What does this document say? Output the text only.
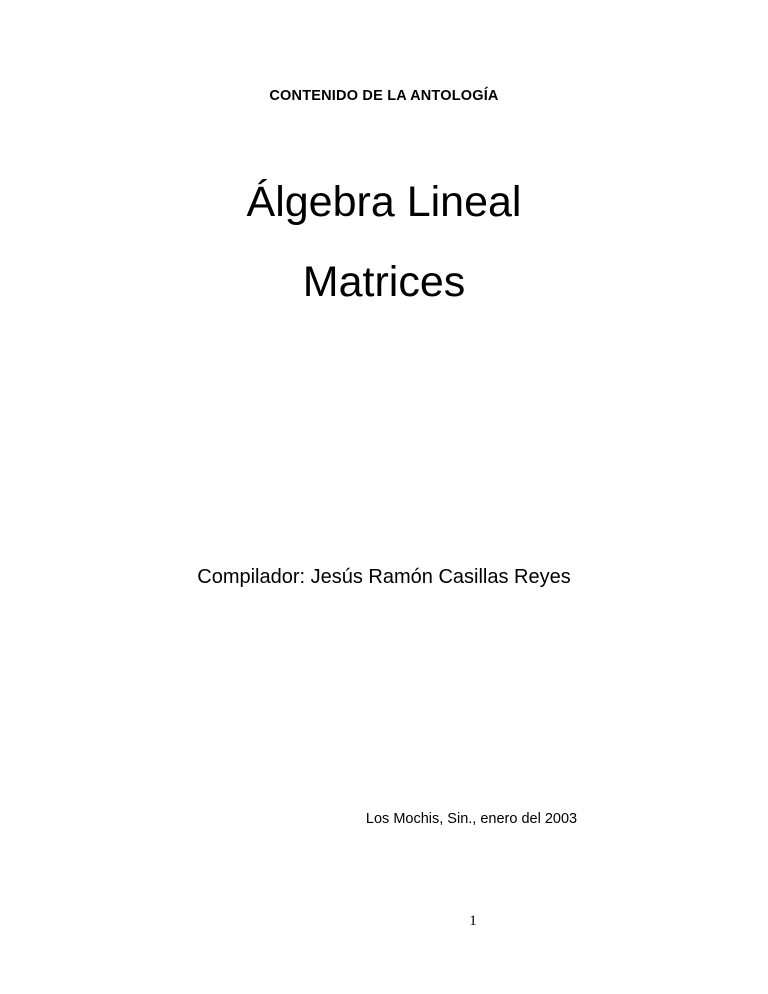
CONTENIDO DE LA ANTOLOGÍA
Álgebra Lineal
Matrices
Compilador: Jesús Ramón Casillas Reyes
Los Mochis, Sin., enero del 2003
1
